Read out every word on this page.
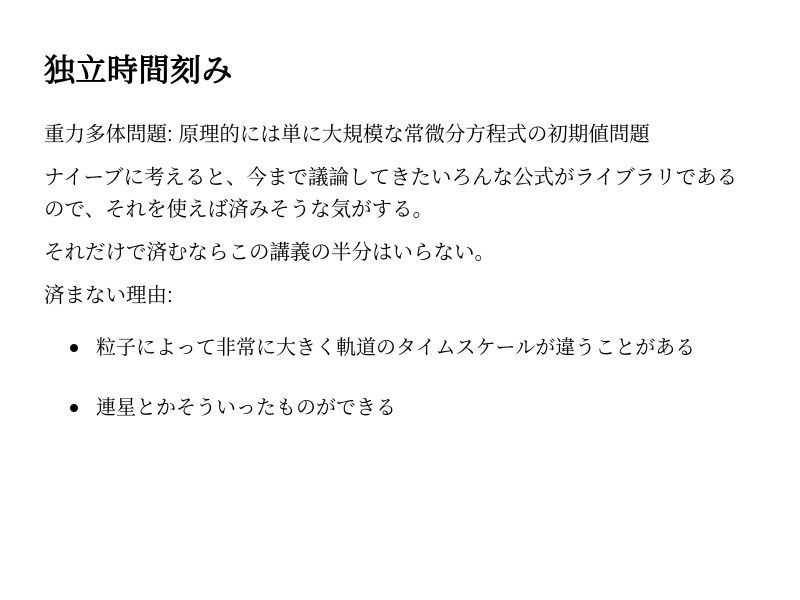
独立時間刻み

重力多体問題: 原理的には単に大規模な常微分方程式の初期値問題

ナイーブに考えると、今まで議論してきたいろんな公式がライブラリであるので、それを使えば済みそうな気がする。

それだけで済むならこの講義の半分はいらない。

済まない理由:

粒子によって非常に大きく軌道のタイムスケールが違うことがある
連星とかそういったものができる
